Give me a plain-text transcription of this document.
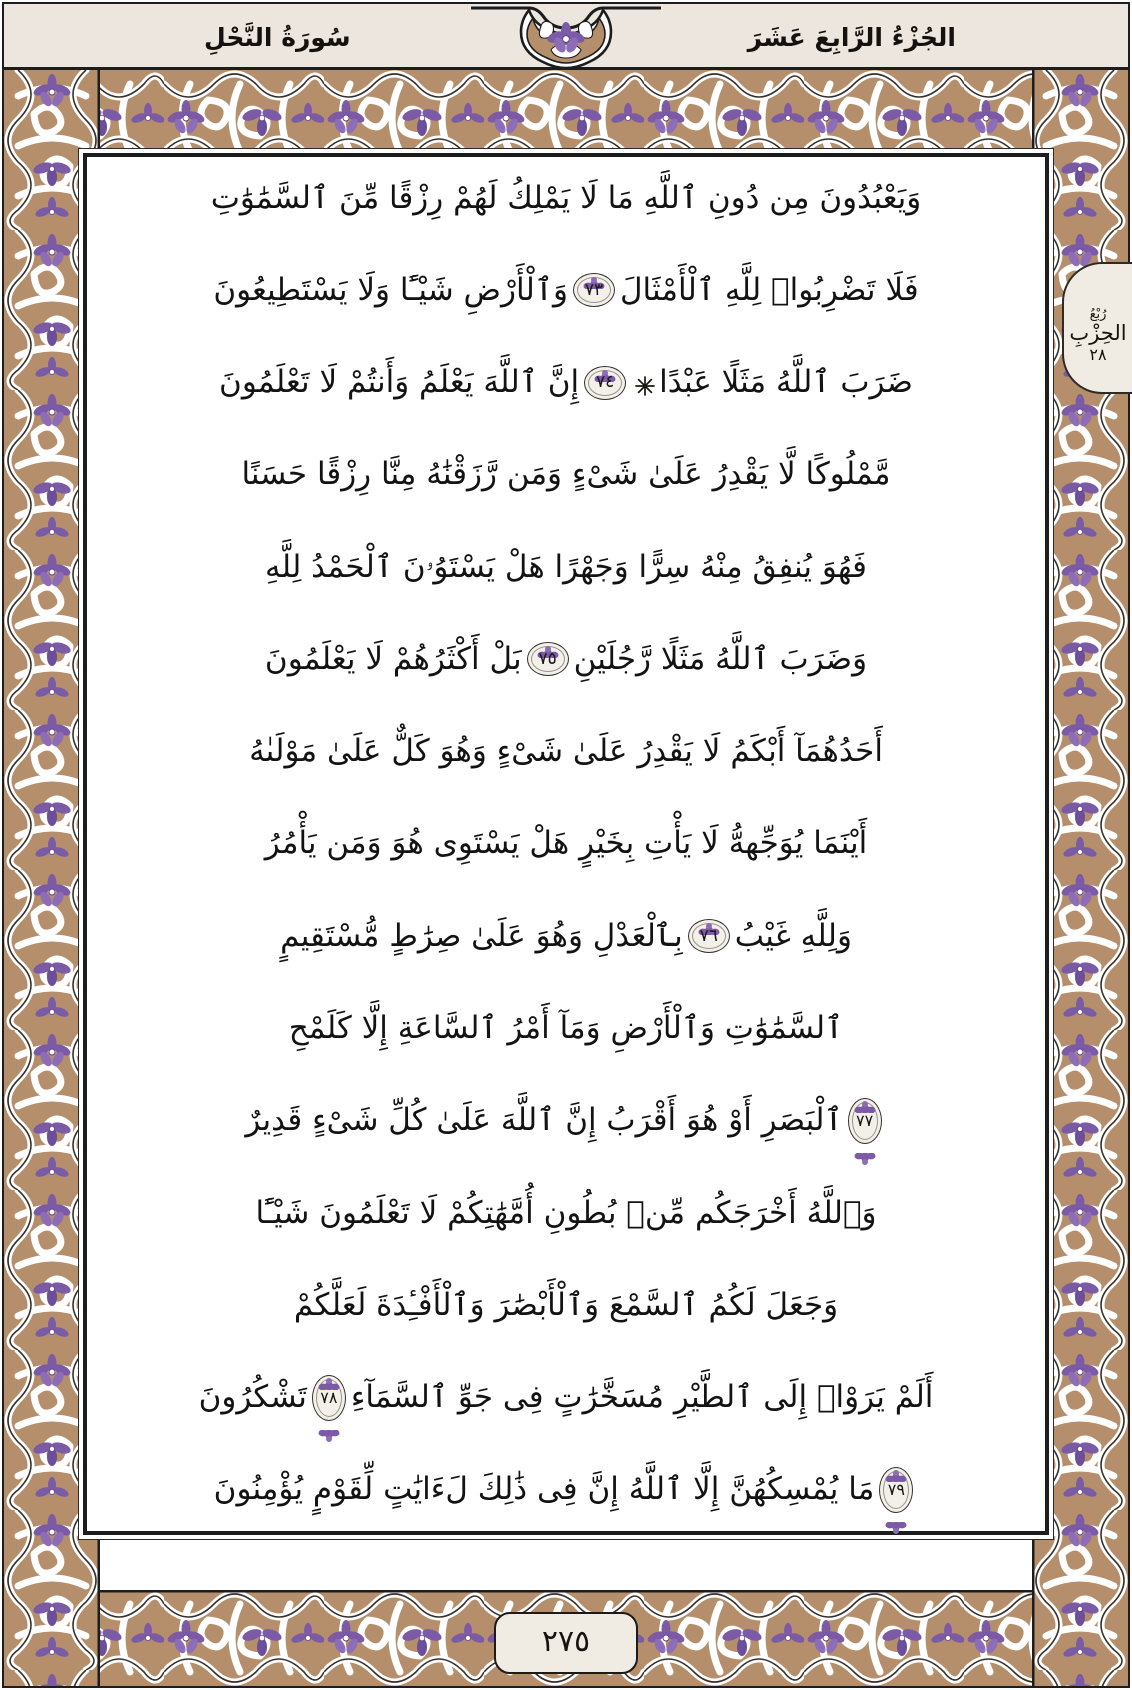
الجُزْءُ الرَّابِعَ عَشَرَ
سُورَةُ النَّحْلِ
وَيَعْبُدُونَ مِن دُونِ ٱللَّهِ مَا لَا يَمْلِكُ لَهُمْ رِزْقًا مِّنَ ٱلسَّمَٰوَٰتِ
فَلَا تَضْرِبُوا۟ لِلَّهِ ٱلْأَمْثَالَ
٧٣
وَٱلْأَرْضِ شَيْـًٔا وَلَا يَسْتَطِيعُونَ
ضَرَبَ ٱللَّهُ مَثَلًا عَبْدًا
٧٤
إِنَّ ٱللَّهَ يَعْلَمُ وَأَنتُمْ لَا تَعْلَمُونَ
مَّمْلُوكًا لَّا يَقْدِرُ عَلَىٰ شَىْءٍ وَمَن رَّزَقْنَٰهُ مِنَّا رِزْقًا حَسَنًا
فَهُوَ يُنفِقُ مِنْهُ سِرًّا وَجَهْرًا هَلْ يَسْتَوُۥنَ ٱلْحَمْدُ لِلَّهِ
وَضَرَبَ ٱللَّهُ مَثَلًا رَّجُلَيْنِ
٧٥
بَلْ أَكْثَرُهُمْ لَا يَعْلَمُونَ
أَحَدُهُمَآ أَبْكَمُ لَا يَقْدِرُ عَلَىٰ شَىْءٍ وَهُوَ كَلٌّ عَلَىٰ مَوْلَىٰهُ
أَيْنَمَا يُوَجِّههُّ لَا يَأْتِ بِخَيْرٍ هَلْ يَسْتَوِى هُوَ وَمَن يَأْمُرُ
وَلِلَّهِ غَيْبُ
٧٦
بِٱلْعَدْلِ وَهُوَ عَلَىٰ صِرَٰطٍ مُّسْتَقِيمٍ
ٱلسَّمَٰوَٰتِ وَٱلْأَرْضِ وَمَآ أَمْرُ ٱلسَّاعَةِ إِلَّا كَلَمْحِ
٧٧
ٱلْبَصَرِ أَوْ هُوَ أَقْرَبُ إِنَّ ٱللَّهَ عَلَىٰ كُلِّ شَىْءٍ قَدِيرٌ
وَٱللَّهُ أَخْرَجَكُم مِّنۢ بُطُونِ أُمَّهَٰتِكُمْ لَا تَعْلَمُونَ شَيْـًٔا
وَجَعَلَ لَكُمُ ٱلسَّمْعَ وَٱلْأَبْصَٰرَ وَٱلْأَفْـِٔدَةَ لَعَلَّكُمْ
أَلَمْ يَرَوْا۟ إِلَى ٱلطَّيْرِ مُسَخَّرَٰتٍ فِى جَوِّ ٱلسَّمَآءِ
٧٨
تَشْكُرُونَ
٧٩
مَا يُمْسِكُهُنَّ إِلَّا ٱللَّهُ إِنَّ فِى ذَٰلِكَ لَءَايَٰتٍ لِّقَوْمٍ يُؤْمِنُونَ
رُبْعُ
الحِزْبِ
٢٨
٢٧٥
